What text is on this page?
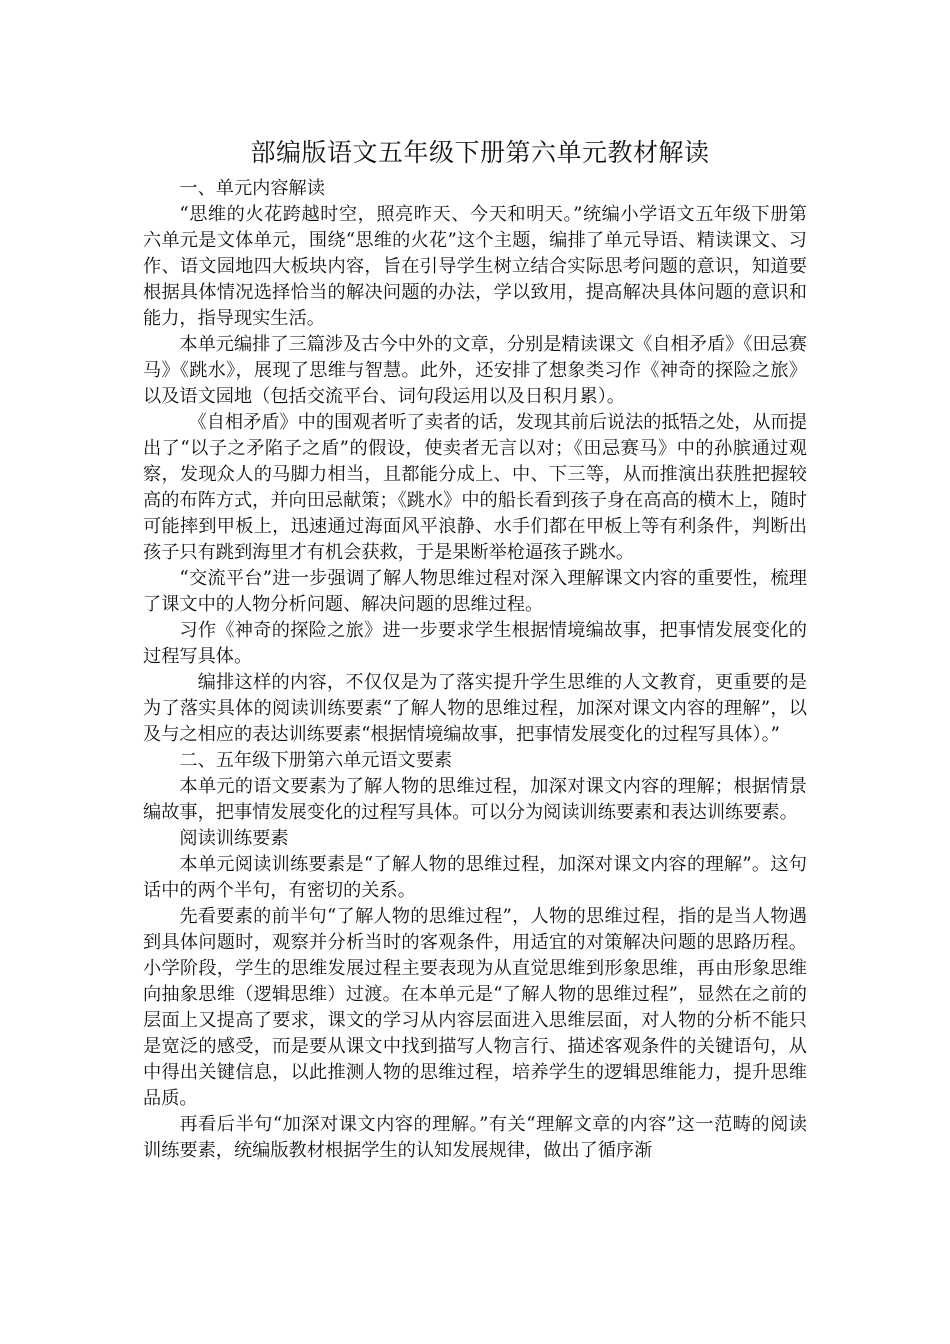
部编版语文五年级下册第六单元教材解读

一、单元内容解读

“思维的火花跨越时空，照亮昨天、今天和明天。”统编小学语文五年级下册第六单元是文体单元，围绕“思维的火花”这个主题，编排了单元导语、精读课文、习作、语文园地四大板块内容，旨在引导学生树立结合实际思考问题的意识，知道要根据具体情况选择恰当的解决问题的办法，学以致用，提高解决具体问题的意识和能力，指导现实生活。

本单元编排了三篇涉及古今中外的文章，分别是精读课文《自相矛盾》《田忌赛马》《跳水》，展现了思维与智慧。此外，还安排了想象类习作《神奇的探险之旅》以及语文园地（包括交流平台、词句段运用以及日积月累）。

《自相矛盾》中的围观者听了卖者的话，发现其前后说法的抵牾之处，从而提出了“以子之矛陷子之盾”的假设，使卖者无言以对；《田忌赛马》中的孙膑通过观察，发现众人的马脚力相当，且都能分成上、中、下三等，从而推演出获胜把握较高的布阵方式，并向田忌献策；《跳水》中的船长看到孩子身在高高的横木上，随时可能摔到甲板上，迅速通过海面风平浪静、水手们都在甲板上等有利条件，判断出孩子只有跳到海里才有机会获救，于是果断举枪逼孩子跳水。

“交流平台”进一步强调了解人物思维过程对深入理解课文内容的重要性，梳理了课文中的人物分析问题、解决问题的思维过程。

习作《神奇的探险之旅》进一步要求学生根据情境编故事，把事情发展变化的过程写具体。

编排这样的内容，不仅仅是为了落实提升学生思维的人文教育，更重要的是为了落实具体的阅读训练要素“了解人物的思维过程，加深对课文内容的理解”，以及与之相应的表达训练要素“根据情境编故事，把事情发展变化的过程写具体）。”

二、五年级下册第六单元语文要素

本单元的语文要素为了解人物的思维过程，加深对课文内容的理解；根据情景编故事，把事情发展变化的过程写具体。可以分为阅读训练要素和表达训练要素。

阅读训练要素

本单元阅读训练要素是“了解人物的思维过程，加深对课文内容的理解”。这句话中的两个半句，有密切的关系。

先看要素的前半句“了解人物的思维过程”，人物的思维过程，指的是当人物遇到具体问题时，观察并分析当时的客观条件，用适宜的对策解决问题的思路历程。小学阶段，学生的思维发展过程主要表现为从直觉思维到形象思维，再由形象思维向抽象思维（逻辑思维）过渡。在本单元是“了解人物的思维过程”，显然在之前的层面上又提高了要求，课文的学习从内容层面进入思维层面，对人物的分析不能只是宽泛的感受，而是要从课文中找到描写人物言行、描述客观条件的关键语句，从中得出关键信息，以此推测人物的思维过程，培养学生的逻辑思维能力，提升思维品质。

再看后半句“加深对课文内容的理解。”有关“理解文章的内容”这一范畴的阅读训练要素，统编版教材根据学生的认知发展规律，做出了循序渐
